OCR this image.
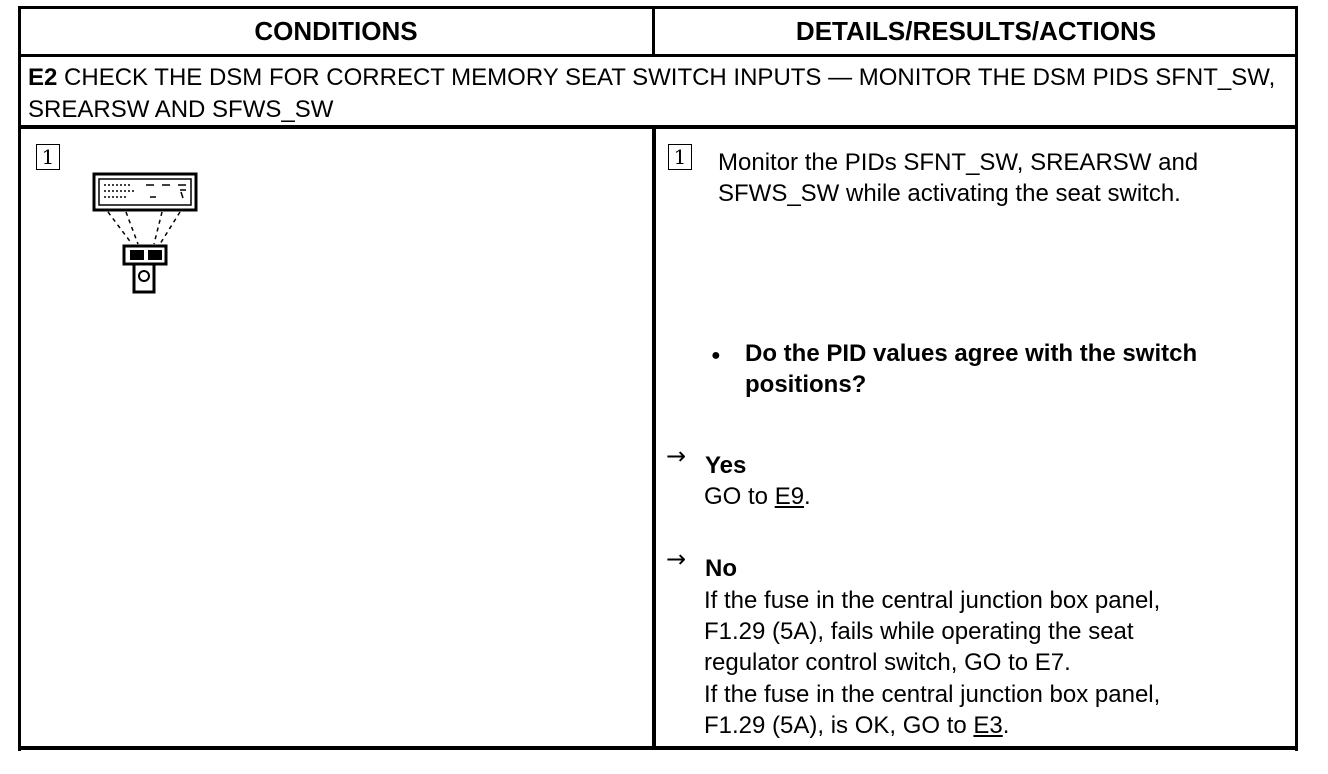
CONDITIONS	DETAILS/RESULTS/ACTIONS
E2 CHECK THE DSM FOR CORRECT MEMORY SEAT SWITCH INPUTS — MONITOR THE DSM PIDS SFNT_SW, SREARSW AND SFWS_SW
1	1 Monitor the PIDs SFNT_SW, SREARSW and
SFWS_SW while activating the seat switch.
● Do the PID values agree with the switch
positions?
→ Yes
GO to E9.
→ No
If the fuse in the central junction box panel,
F1.29 (5A), fails while operating the seat
regulator control switch, GO to E7.
If the fuse in the central junction box panel,
F1.29 (5A), is OK, GO to E3.
